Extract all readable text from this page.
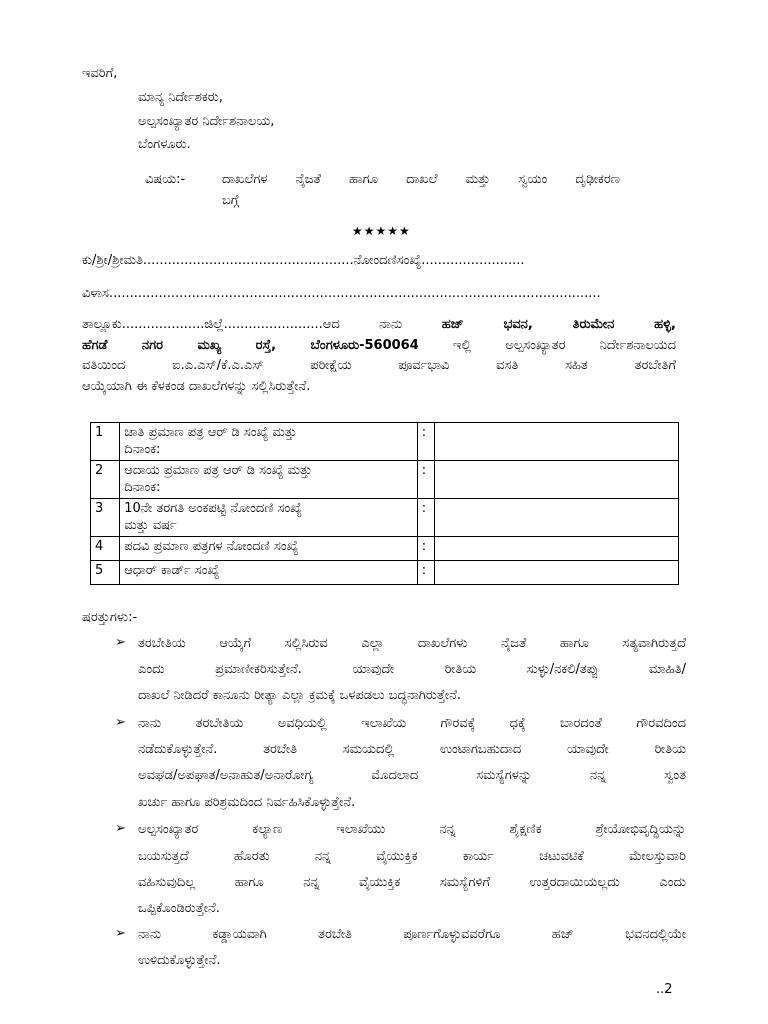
ಇವರಿಗೆ,
ಮಾನ್ಯ ನಿರ್ದೇಶಕರು,
ಅಲ್ಪಸಂಖ್ಯಾತರ ನಿರ್ದೇಶನಾಲಯ,
ಬೆಂಗಳೂರು.
ವಿಷಯ:-	ದಾಖಲೆಗಳ ನೈಜತೆ ಹಾಗೂ ದಾಖಲೆ ಮತ್ತು ಸ್ವಯಂ ದೃಢೀಕರಣ
ಬಗ್ಗೆ
★★★★★
ಕು/ಶ್ರೀ/ಶ್ರೀಮತಿ...................................................ನೋಂದಣಿಸಂಖ್ಯೆ.........................
ವಿಳಾಸ.......................................................................................................................
ತಾಲ್ಲೂಕು....................ಜಿಲ್ಲೆ........................ಆದ ನಾನು	ಹಜ್ ಭವನ, ತಿರುಮೇನ ಹಳ್ಳಿ,
ಹೆಗಡೆ ನಗರ ಮಖ್ಯ ರಸ್ತೆ, ಬೆಂಗಳೂರು-560064	ಇಲ್ಲಿ ಅಲ್ಪಸಂಖ್ಯಾತರ ನಿರ್ದೇಶನಾಲಯದ
ವತಿಯಿಂದ ಐ.ಎ.ಎಸ್/ಕೆ.ಎ.ಎಸ್ ಪರೀಕ್ಷೆಯ ಪೂರ್ವಭಾವಿ ವಸತಿ ಸಹಿತ ತರಬೇತಿಗೆ
ಆಯ್ಕೆಯಾಗಿ ಈ ಕೆಳಕಂಡ ದಾಖಲೆಗಳನ್ನು ಸಲ್ಲಿಸಿರುತ್ತೇನೆ.
1	ಜಾತಿ ಪ್ರಮಾಣ ಪತ್ರ ಆರ್ ಡಿ ಸಂಖ್ಯೆ ಮತ್ತು
ದಿನಾಂಕ:	:	
2	ಆದಾಯ ಪ್ರಮಾಣ ಪತ್ರ ಆರ್ ಡಿ ಸಂಖ್ಯೆ ಮತ್ತು
ದಿನಾಂಕ:	:	
3	10ನೇ ತರಗತಿ ಅಂಕಪಟ್ಟಿ ನೋಂದಣಿ ಸಂಖ್ಯೆ
ಮತ್ತು ವರ್ಷ	:	
4	ಪದವಿ ಪ್ರಮಾಣ ಪತ್ರಗಳ ನೋಂದಣಿ ಸಂಖ್ಯೆ	:	
5	ಆಧಾರ್ ಕಾರ್ಡ್ ಸಂಖ್ಯೆ	:	
ಷರತ್ತುಗಳು:-
➢ ತರಬೇತಿಯ ಆಯ್ಕೆಗೆ ಸಲ್ಲಿಸಿರುವ ಎಲ್ಲಾ ದಾಖಲೆಗಳು ನೈಜತೆ ಹಾಗೂ ಸತ್ಯವಾಗಿರುತ್ತದೆ
ಎಂದು ಪ್ರಮಾಣೀಕರಿಸುತ್ತೇನೆ. ಯಾವುದೇ ರೀತಿಯ ಸುಳ್ಳು/ನಕಲಿ/ತಪ್ಪು ಮಾಹಿತಿ/
ದಾಖಲೆ ನೀಡಿದರೆ ಕಾನೂನು ರೀತ್ಯಾ ಎಲ್ಲಾ ಕ್ರಮಕ್ಕೆ ಒಳಪಡಲು ಬದ್ಧನಾಗಿರುತ್ತೇನೆ.
➢ ನಾನು ತರಬೇತಿಯ ಅವಧಿಯಲ್ಲಿ ಇಲಾಖೆಯ ಗೌರವಕ್ಕೆ ಧಕ್ಕೆ ಬಾರದಂತೆ ಗೌರವದಿಂದ
ನಡೆದುಕೊಳ್ಳುತ್ತೇನೆ. ತರಬೇತಿ ಸಮಯದಲ್ಲಿ ಉಂಟಾಗಬಹುದಾದ ಯಾವುದೇ ರೀತಿಯ
ಅವಘಡ/ಅಪಘಾತ/ಅನಾಹುತ/ಅನಾರೋಗ್ಯ ಮೊದಲಾದ ಸಮಸ್ಯೆಗಳನ್ನು ನನ್ನ ಸ್ವಂತ
ಖರ್ಚು ಹಾಗೂ ಪರಿಶ್ರಮದಿಂದ ನಿರ್ವಹಿಸಿಕೊಳ್ಳುತ್ತೇನೆ.
➢ ಅಲ್ಪಸಂಖ್ಯಾತರ ಕಲ್ಯಾಣ ಇಲಾಖೆಯು ನನ್ನ ಶೈಕ್ಷಣಿಕ ಶ್ರೇಯೋಭಿವೃದ್ಧಿಯನ್ನು
ಬಯಸುತ್ತದೆ ಹೊರತು ನನ್ನ ವೈಯುಕ್ತಿಕ ಕಾರ್ಯ ಚಟುವಟಿಕೆ ಮೇಲಸ್ತುವಾರಿ
ವಹಿಸುವುದಿಲ್ಲ ಹಾಗೂ ನನ್ನ ವೈಯುಕ್ತಿಕ ಸಮಸ್ಯೆಗಳಿಗೆ ಉತ್ತರದಾಯಿಯಲ್ಲದು ಎಂದು
ಒಪ್ಪಿಕೊಂಡಿರುತ್ತೇನೆ.
➢ ನಾನು ಕಡ್ಡಾಯವಾಗಿ ತರಬೇತಿ ಪೂರ್ಣಗೊಳ್ಳುವವರೆಗೂ ಹಜ್ ಭವನದಲ್ಲಿಯೇ
ಉಳಿದುಕೊಳ್ಳುತ್ತೇನೆ.
..2
